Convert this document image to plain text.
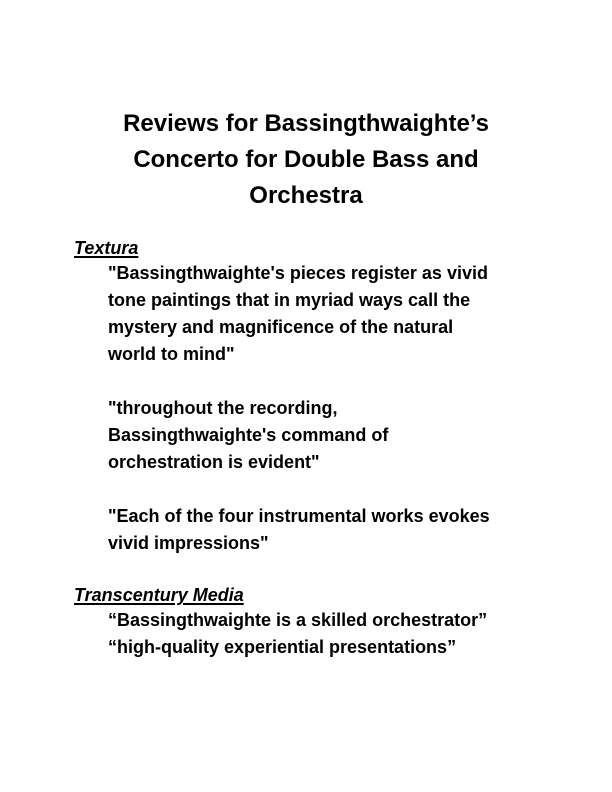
Reviews for Bassingthwaighte’s
Concerto for Double Bass and
Orchestra

Textura

"Bassingthwaighte's pieces register as vivid
tone paintings that in myriad ways call the
mystery and magnificence of the natural
world to mind"

"throughout the recording,
Bassingthwaighte's command of
orchestration is evident"

"Each of the four instrumental works evokes
vivid impressions"

Transcentury Media

“Bassingthwaighte is a skilled orchestrator”
“high-quality experiential presentations”
